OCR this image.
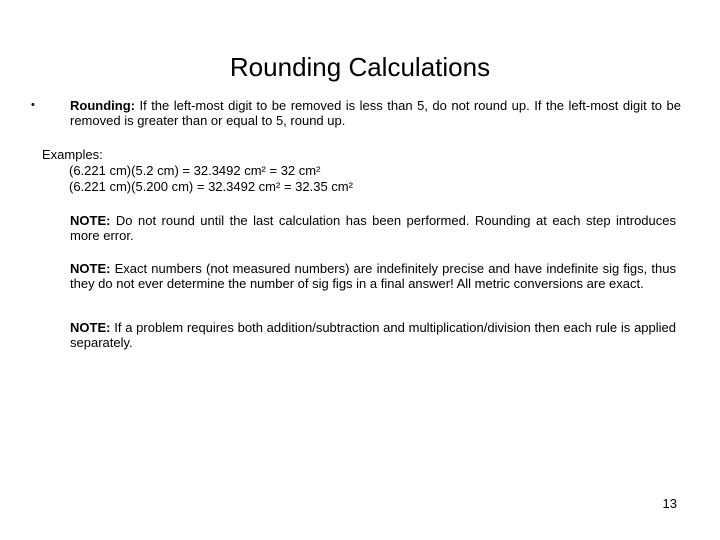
Rounding Calculations
•	Rounding: If the left-most digit to be removed is less than 5, do not round up. If the left-most digit to be removed is greater than or equal to 5, round up.
Examples:
(6.221 cm)(5.2 cm) = 32.3492 cm² = 32 cm²
(6.221 cm)(5.200 cm) = 32.3492 cm² = 32.35 cm²
NOTE: Do not round until the last calculation has been performed. Rounding at each step introduces more error.
NOTE: Exact numbers (not measured numbers) are indefinitely precise and have indefinite sig figs, thus they do not ever determine the number of sig figs in a final answer! All metric conversions are exact.
NOTE: If a problem requires both addition/subtraction and multiplication/division then each rule is applied separately.
13
